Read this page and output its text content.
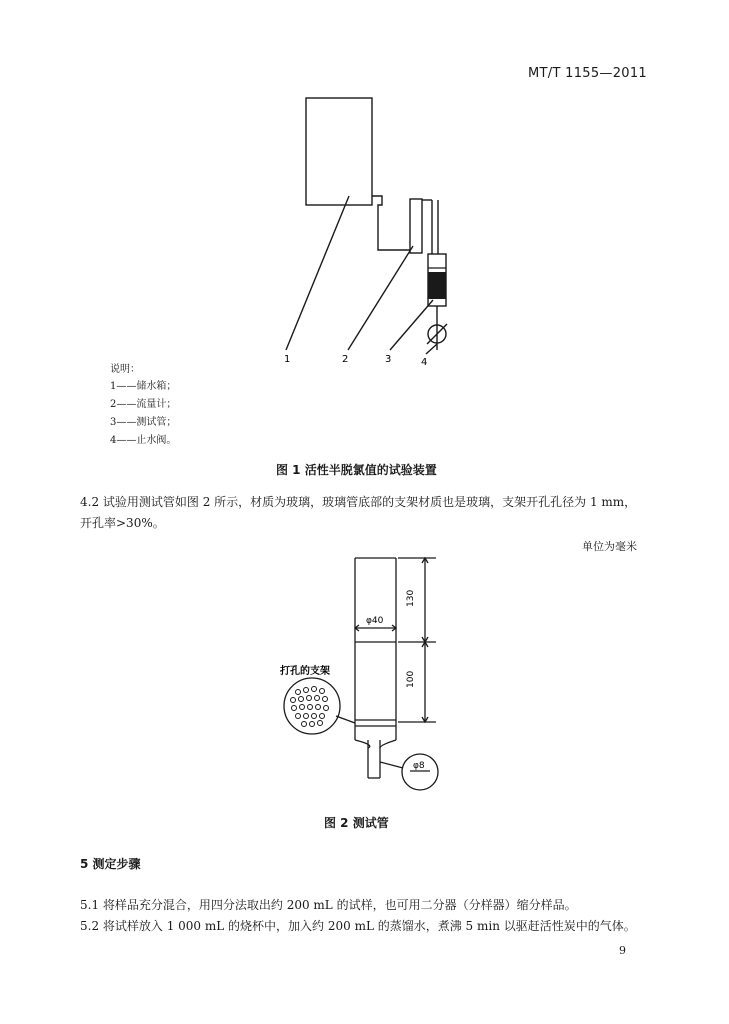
MT/T 1155—2011
1	2	3	4
说明：
1——储水箱；
2——流量计；
3——测试管；
4——止水阀。
图 1 活性半脱氯值的试验装置
4.2 试验用测试管如图 2 所示，材质为玻璃，玻璃管底部的支架材质也是玻璃，支架开孔孔径为 1 mm，
开孔率>30%。
单位为毫米
φ40
130
100
打孔的支架
φ8
图 2 测试管
5 测定步骤
5.1 将样品充分混合，用四分法取出约 200 mL 的试样，也可用二分器（分样器）缩分样品。
5.2 将试样放入 1 000 mL 的烧杯中，加入约 200 mL 的蒸馏水，煮沸 5 min 以驱赶活性炭中的气体。
9
